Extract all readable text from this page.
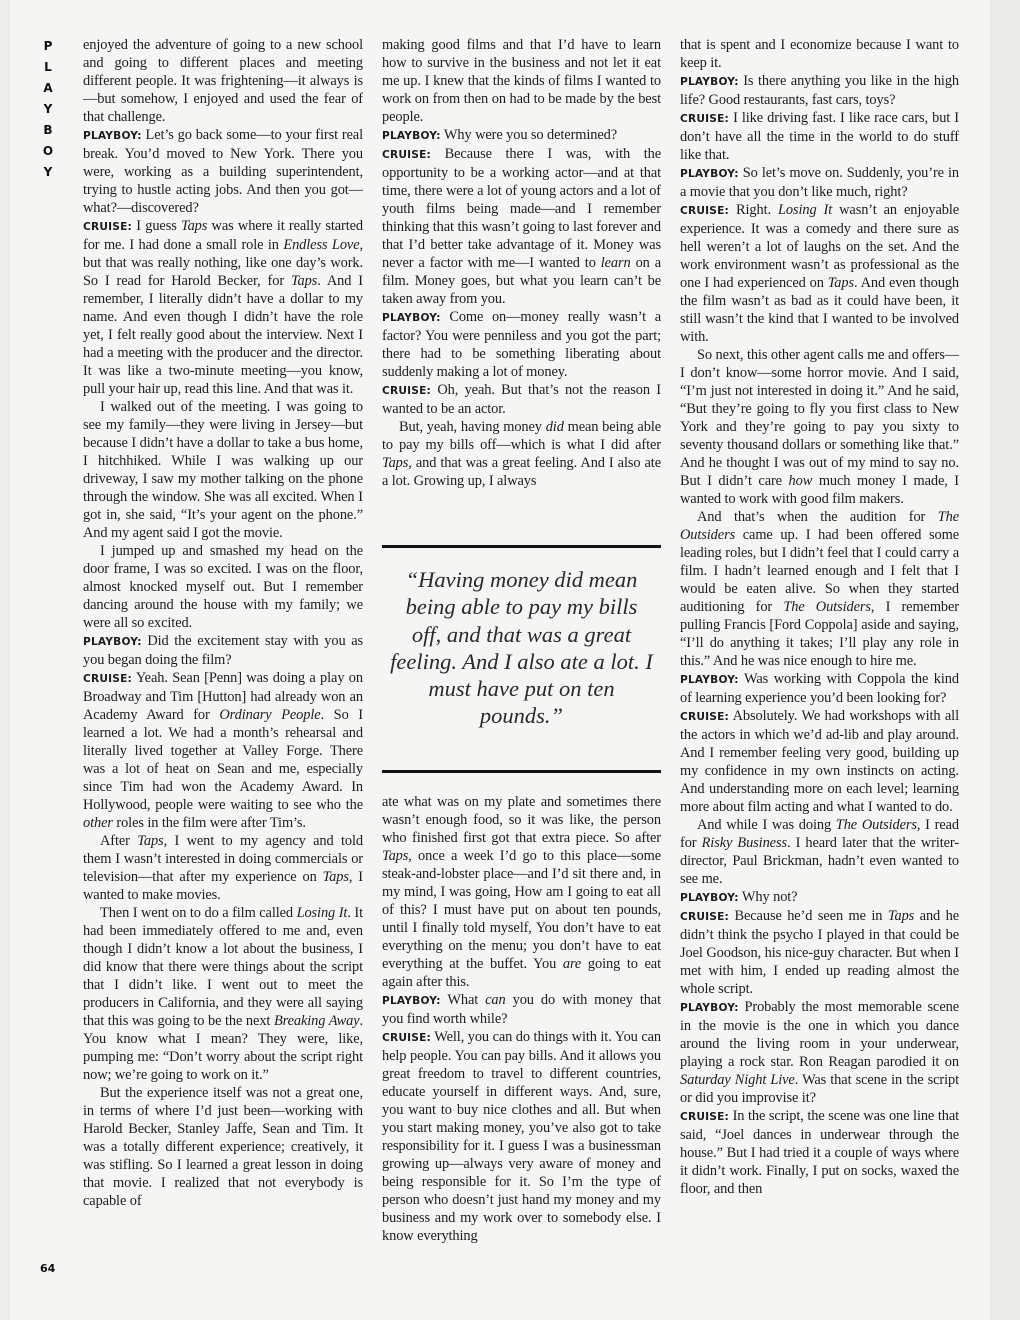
P
L
A
Y
B
O
Y

enjoyed the adventure of going to a new school and going to different places and meeting different people. It was frightening—it always is—but somehow, I enjoyed and used the fear of that challenge.

PLAYBOY: Let’s go back some—to your first real break. You’d moved to New York. There you were, working as a building superintendent, trying to hustle acting jobs. And then you got—what?—discovered?

CRUISE: I guess Taps was where it really started for me. I had done a small role in Endless Love, but that was really nothing, like one day’s work. So I read for Harold Becker, for Taps. And I remember, I literally didn’t have a dollar to my name. And even though I didn’t have the role yet, I felt really good about the interview. Next I had a meeting with the producer and the director. It was like a two-minute meeting—you know, pull your hair up, read this line. And that was it.

I walked out of the meeting. I was going to see my family—they were living in Jersey—but because I didn’t have a dollar to take a bus home, I hitchhiked. While I was walking up our driveway, I saw my mother talking on the phone through the window. She was all excited. When I got in, she said, “It’s your agent on the phone.” And my agent said I got the movie.

I jumped up and smashed my head on the door frame, I was so excited. I was on the floor, almost knocked myself out. But I remember dancing around the house with my family; we were all so excited.

PLAYBOY: Did the excitement stay with you as you began doing the film?

CRUISE: Yeah. Sean [Penn] was doing a play on Broadway and Tim [Hutton] had already won an Academy Award for Ordinary People. So I learned a lot. We had a month’s rehearsal and literally lived together at Valley Forge. There was a lot of heat on Sean and me, especially since Tim had won the Academy Award. In Hollywood, people were waiting to see who the other roles in the film were after Tim’s.

After Taps, I went to my agency and told them I wasn’t interested in doing commercials or television—that after my experience on Taps, I wanted to make movies.

Then I went on to do a film called Losing It. It had been immediately offered to me and, even though I didn’t know a lot about the business, I did know that there were things about the script that I didn’t like. I went out to meet the producers in California, and they were all saying that this was going to be the next Breaking Away. You know what I mean? They were, like, pumping me: “Don’t worry about the script right now; we’re going to work on it.”

But the experience itself was not a great one, in terms of where I’d just been—working with Harold Becker, Stanley Jaffe, Sean and Tim. It was a totally different experience; creatively, it was stifling. So I learned a great lesson in doing that movie. I realized that not everybody is capable of

making good films and that I’d have to learn how to survive in the business and not let it eat me up. I knew that the kinds of films I wanted to work on from then on had to be made by the best people.

PLAYBOY: Why were you so determined?

CRUISE: Because there I was, with the opportunity to be a working actor—and at that time, there were a lot of young actors and a lot of youth films being made—and I remember thinking that this wasn’t going to last forever and that I’d better take advantage of it. Money was never a factor with me—I wanted to learn on a film. Money goes, but what you learn can’t be taken away from you.

PLAYBOY: Come on—money really wasn’t a factor? You were penniless and you got the part; there had to be something liberating about suddenly making a lot of money.

CRUISE: Oh, yeah. But that’s not the reason I wanted to be an actor.

But, yeah, having money did mean being able to pay my bills off—which is what I did after Taps, and that was a great feeling. And I also ate a lot. Growing up, I always

“Having money did mean being able to pay my bills off, and that was a great feeling. And I also ate a lot. I must have put on ten pounds.”

ate what was on my plate and sometimes there wasn’t enough food, so it was like, the person who finished first got that extra piece. So after Taps, once a week I’d go to this place—some steak-and-lobster place—and I’d sit there and, in my mind, I was going, How am I going to eat all of this? I must have put on about ten pounds, until I finally told myself, You don’t have to eat everything on the menu; you don’t have to eat everything at the buffet. You are going to eat again after this.

PLAYBOY: What can you do with money that you find worth while?

CRUISE: Well, you can do things with it. You can help people. You can pay bills. And it allows you great freedom to travel to different countries, educate yourself in different ways. And, sure, you want to buy nice clothes and all. But when you start making money, you’ve also got to take responsibility for it. I guess I was a businessman growing up—always very aware of money and being responsible for it. So I’m the type of person who doesn’t just hand my money and my business and my work over to somebody else. I know everything

that is spent and I economize because I want to keep it.

PLAYBOY: Is there anything you like in the high life? Good restaurants, fast cars, toys?

CRUISE: I like driving fast. I like race cars, but I don’t have all the time in the world to do stuff like that.

PLAYBOY: So let’s move on. Suddenly, you’re in a movie that you don’t like much, right?

CRUISE: Right. Losing It wasn’t an enjoyable experience. It was a comedy and there sure as hell weren’t a lot of laughs on the set. And the work environment wasn’t as professional as the one I had experienced on Taps. And even though the film wasn’t as bad as it could have been, it still wasn’t the kind that I wanted to be involved with.

So next, this other agent calls me and offers—I don’t know—some horror movie. And I said, “I’m just not interested in doing it.” And he said, “But they’re going to fly you first class to New York and they’re going to pay you sixty to seventy thousand dollars or something like that.” And he thought I was out of my mind to say no. But I didn’t care how much money I made, I wanted to work with good film makers.

And that’s when the audition for The Outsiders came up. I had been offered some leading roles, but I didn’t feel that I could carry a film. I hadn’t learned enough and I felt that I would be eaten alive. So when they started auditioning for The Outsiders, I remember pulling Francis [Ford Coppola] aside and saying, “I’ll do anything it takes; I’ll play any role in this.” And he was nice enough to hire me.

PLAYBOY: Was working with Coppola the kind of learning experience you’d been looking for?

CRUISE: Absolutely. We had workshops with all the actors in which we’d ad-lib and play around. And I remember feeling very good, building up my confidence in my own instincts on acting. And understanding more on each level; learning more about film acting and what I wanted to do.

And while I was doing The Outsiders, I read for Risky Business. I heard later that the writer-director, Paul Brickman, hadn’t even wanted to see me.

PLAYBOY: Why not?

CRUISE: Because he’d seen me in Taps and he didn’t think the psycho I played in that could be Joel Goodson, his nice-guy character. But when I met with him, I ended up reading almost the whole script.

PLAYBOY: Probably the most memorable scene in the movie is the one in which you dance around the living room in your underwear, playing a rock star. Ron Reagan parodied it on Saturday Night Live. Was that scene in the script or did you improvise it?

CRUISE: In the script, the scene was one line that said, “Joel dances in underwear through the house.” But I had tried it a couple of ways where it didn’t work. Finally, I put on socks, waxed the floor, and then

64
